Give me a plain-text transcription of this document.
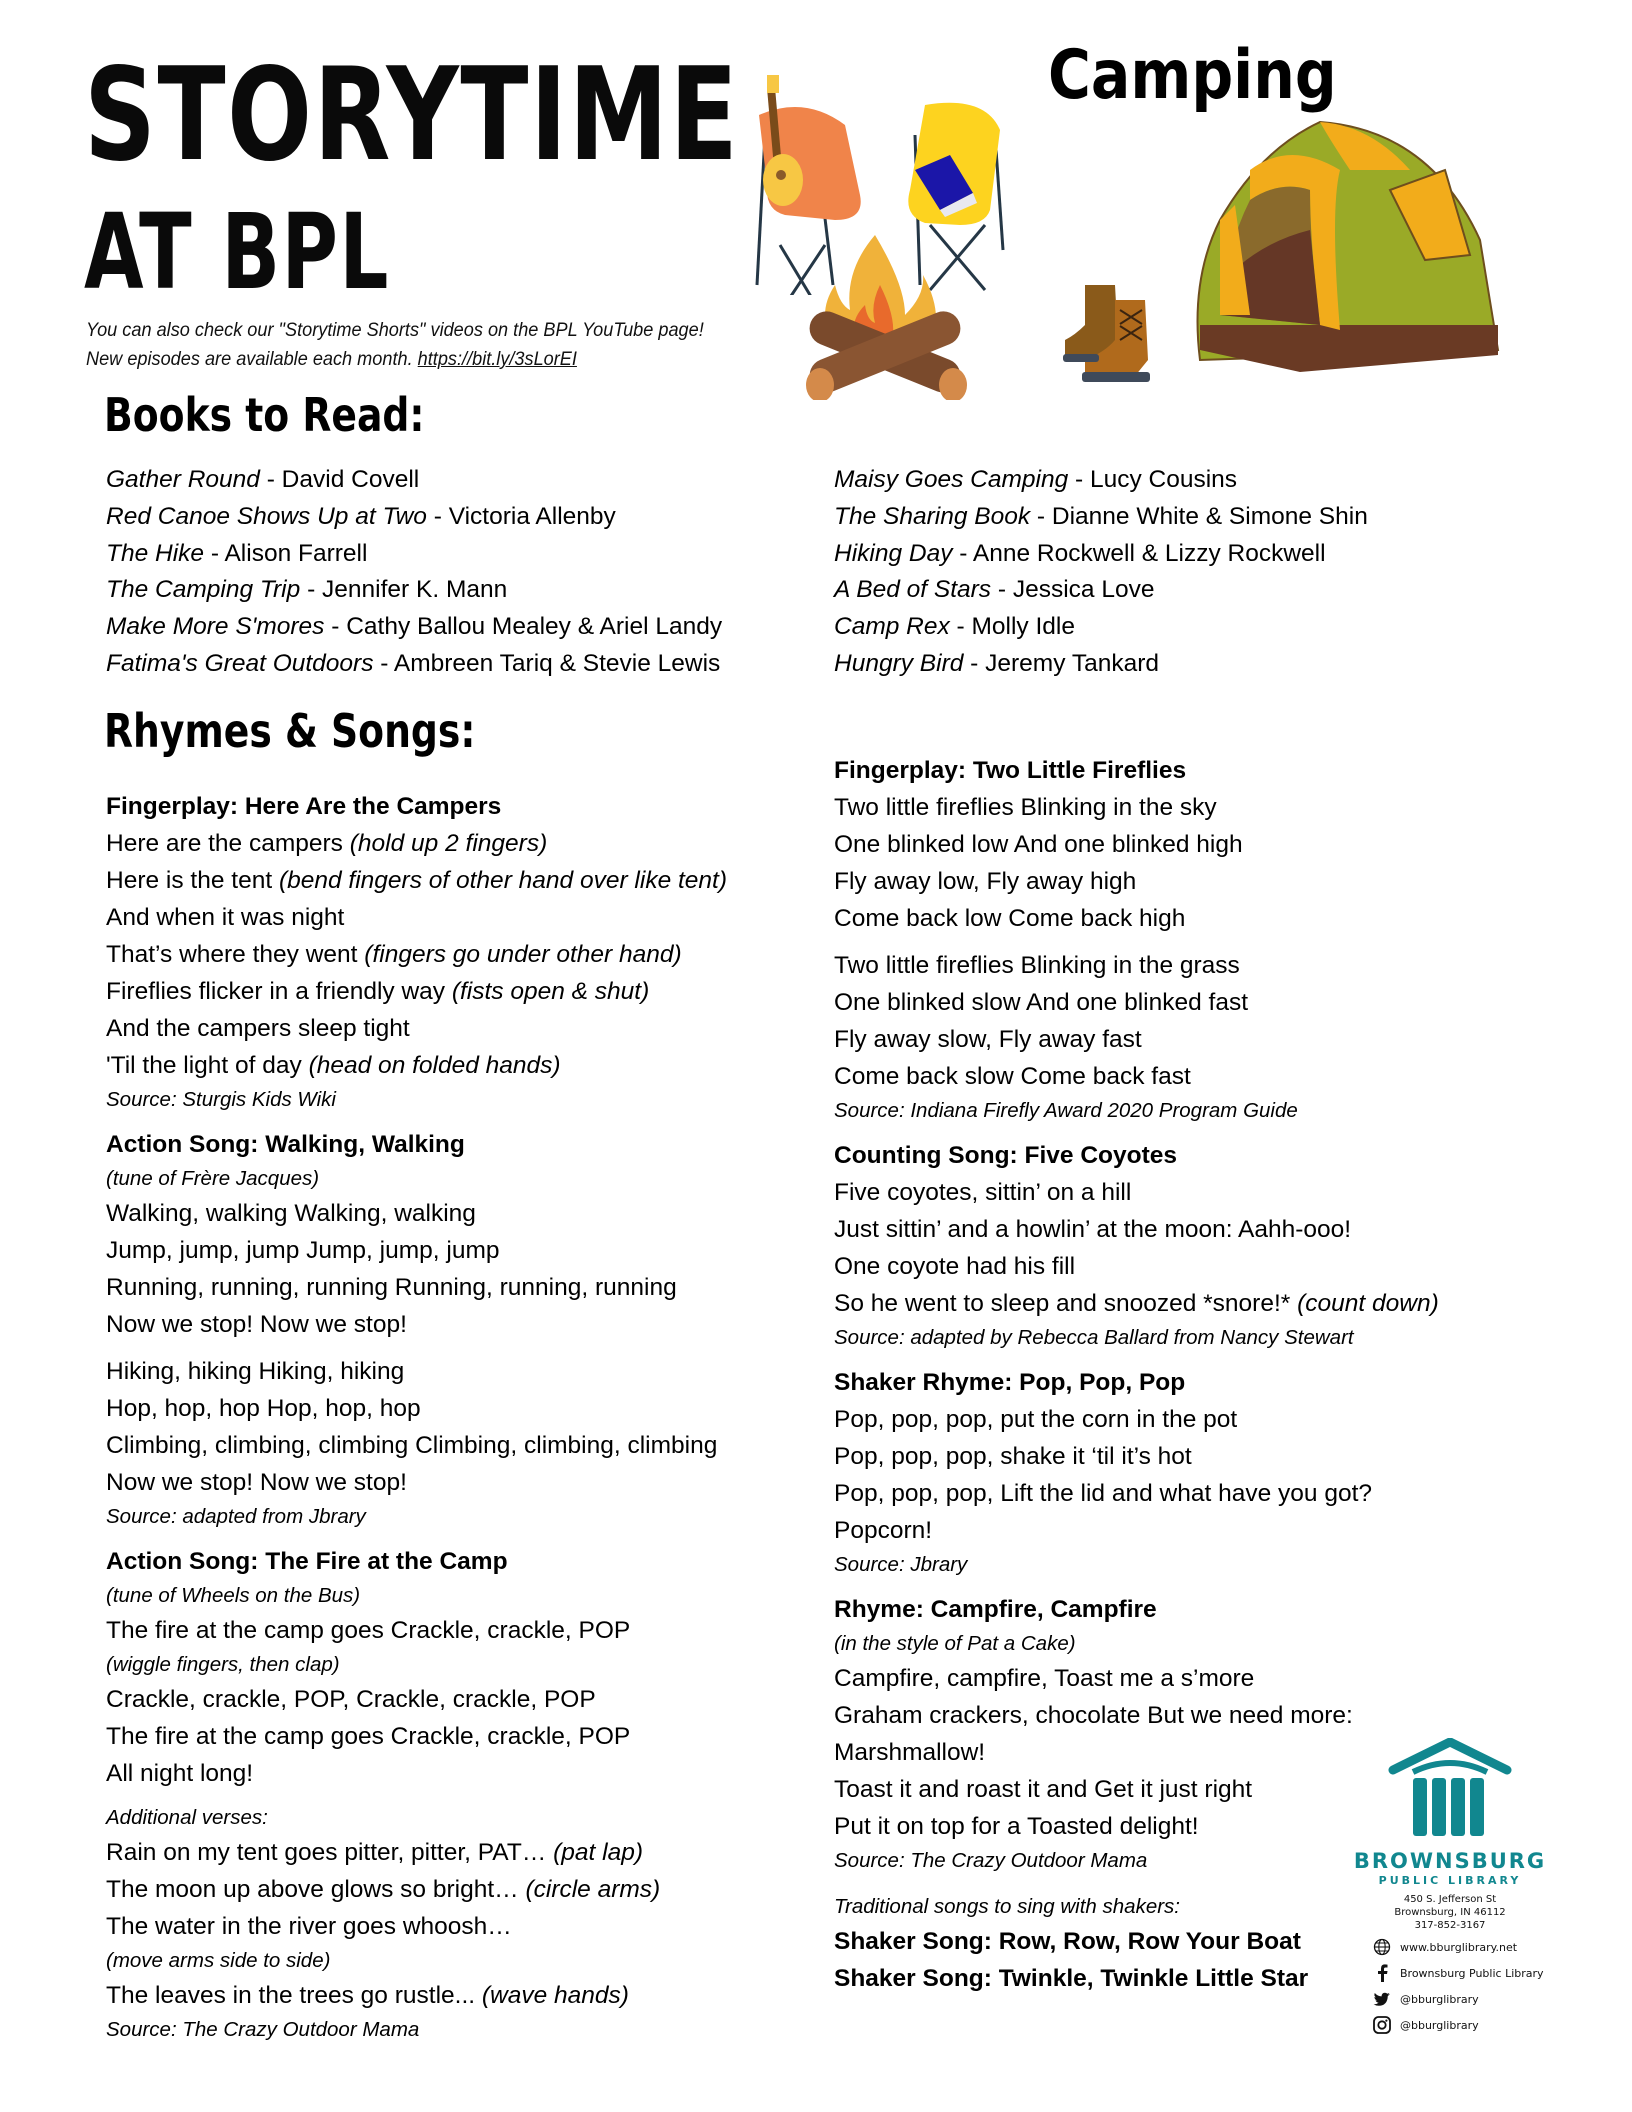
STORYTIME
AT BPL
You can also check our "Storytime Shorts" videos on the BPL YouTube page! New episodes are available each month. https://bit.ly/3sLorEI
Camping
Books to Read:
Gather Round - David Covell
Red Canoe Shows Up at Two - Victoria Allenby
The Hike - Alison Farrell
The Camping Trip - Jennifer K. Mann
Make More S'mores - Cathy Ballou Mealey & Ariel Landy
Fatima's Great Outdoors - Ambreen Tariq & Stevie Lewis
Maisy Goes Camping - Lucy Cousins
The Sharing Book - Dianne White & Simone Shin
Hiking Day - Anne Rockwell & Lizzy Rockwell
A Bed of Stars - Jessica Love
Camp Rex - Molly Idle
Hungry Bird - Jeremy Tankard
Rhymes & Songs:
Fingerplay: Here Are the Campers
Here are the campers (hold up 2 fingers)
Here is the tent (bend fingers of other hand over like tent)
And when it was night
That’s where they went (fingers go under other hand)
Fireflies flicker in a friendly way (fists open & shut)
And the campers sleep tight
'Til the light of day (head on folded hands)
Source: Sturgis Kids Wiki
Action Song: Walking, Walking
(tune of Frère Jacques)
Walking, walking Walking, walking
Jump, jump, jump Jump, jump, jump
Running, running, running Running, running, running
Now we stop! Now we stop!
Hiking, hiking Hiking, hiking
Hop, hop, hop Hop, hop, hop
Climbing, climbing, climbing Climbing, climbing, climbing
Now we stop! Now we stop!
Source: adapted from Jbrary
Action Song: The Fire at the Camp
(tune of Wheels on the Bus)
The fire at the camp goes Crackle, crackle, POP
(wiggle fingers, then clap)
Crackle, crackle, POP, Crackle, crackle, POP
The fire at the camp goes Crackle, crackle, POP
All night long!
Additional verses:
Rain on my tent goes pitter, pitter, PAT… (pat lap)
The moon up above glows so bright… (circle arms)
The water in the river goes whoosh…
(move arms side to side)
The leaves in the trees go rustle... (wave hands)
Source: The Crazy Outdoor Mama
Fingerplay: Two Little Fireflies
Two little fireflies Blinking in the sky
One blinked low And one blinked high
Fly away low, Fly away high
Come back low Come back high
Two little fireflies Blinking in the grass
One blinked slow And one blinked fast
Fly away slow, Fly away fast
Come back slow Come back fast
Source: Indiana Firefly Award 2020 Program Guide
Counting Song: Five Coyotes
Five coyotes, sittin’ on a hill
Just sittin’ and a howlin’ at the moon: Aahh-ooo!
One coyote had his fill
So he went to sleep and snoozed *snore!* (count down)
Source: adapted by Rebecca Ballard from Nancy Stewart
Shaker Rhyme: Pop, Pop, Pop
Pop, pop, pop, put the corn in the pot
Pop, pop, pop, shake it ‘til it’s hot
Pop, pop, pop, Lift the lid and what have you got?
Popcorn!
Source: Jbrary
Rhyme: Campfire, Campfire
(in the style of Pat a Cake)
Campfire, campfire, Toast me a s’more
Graham crackers, chocolate But we need more:
Marshmallow!
Toast it and roast it and Get it just right
Put it on top for a Toasted delight!
Source: The Crazy Outdoor Mama
Traditional songs to sing with shakers:
Shaker Song: Row, Row, Row Your Boat
Shaker Song: Twinkle, Twinkle Little Star
BROWNSBURG
PUBLIC LIBRARY
450 S. Jefferson St
Brownsburg, IN 46112
317-852-3167
www.bburglibrary.net
Brownsburg Public Library
@bburglibrary
@bburglibrary
